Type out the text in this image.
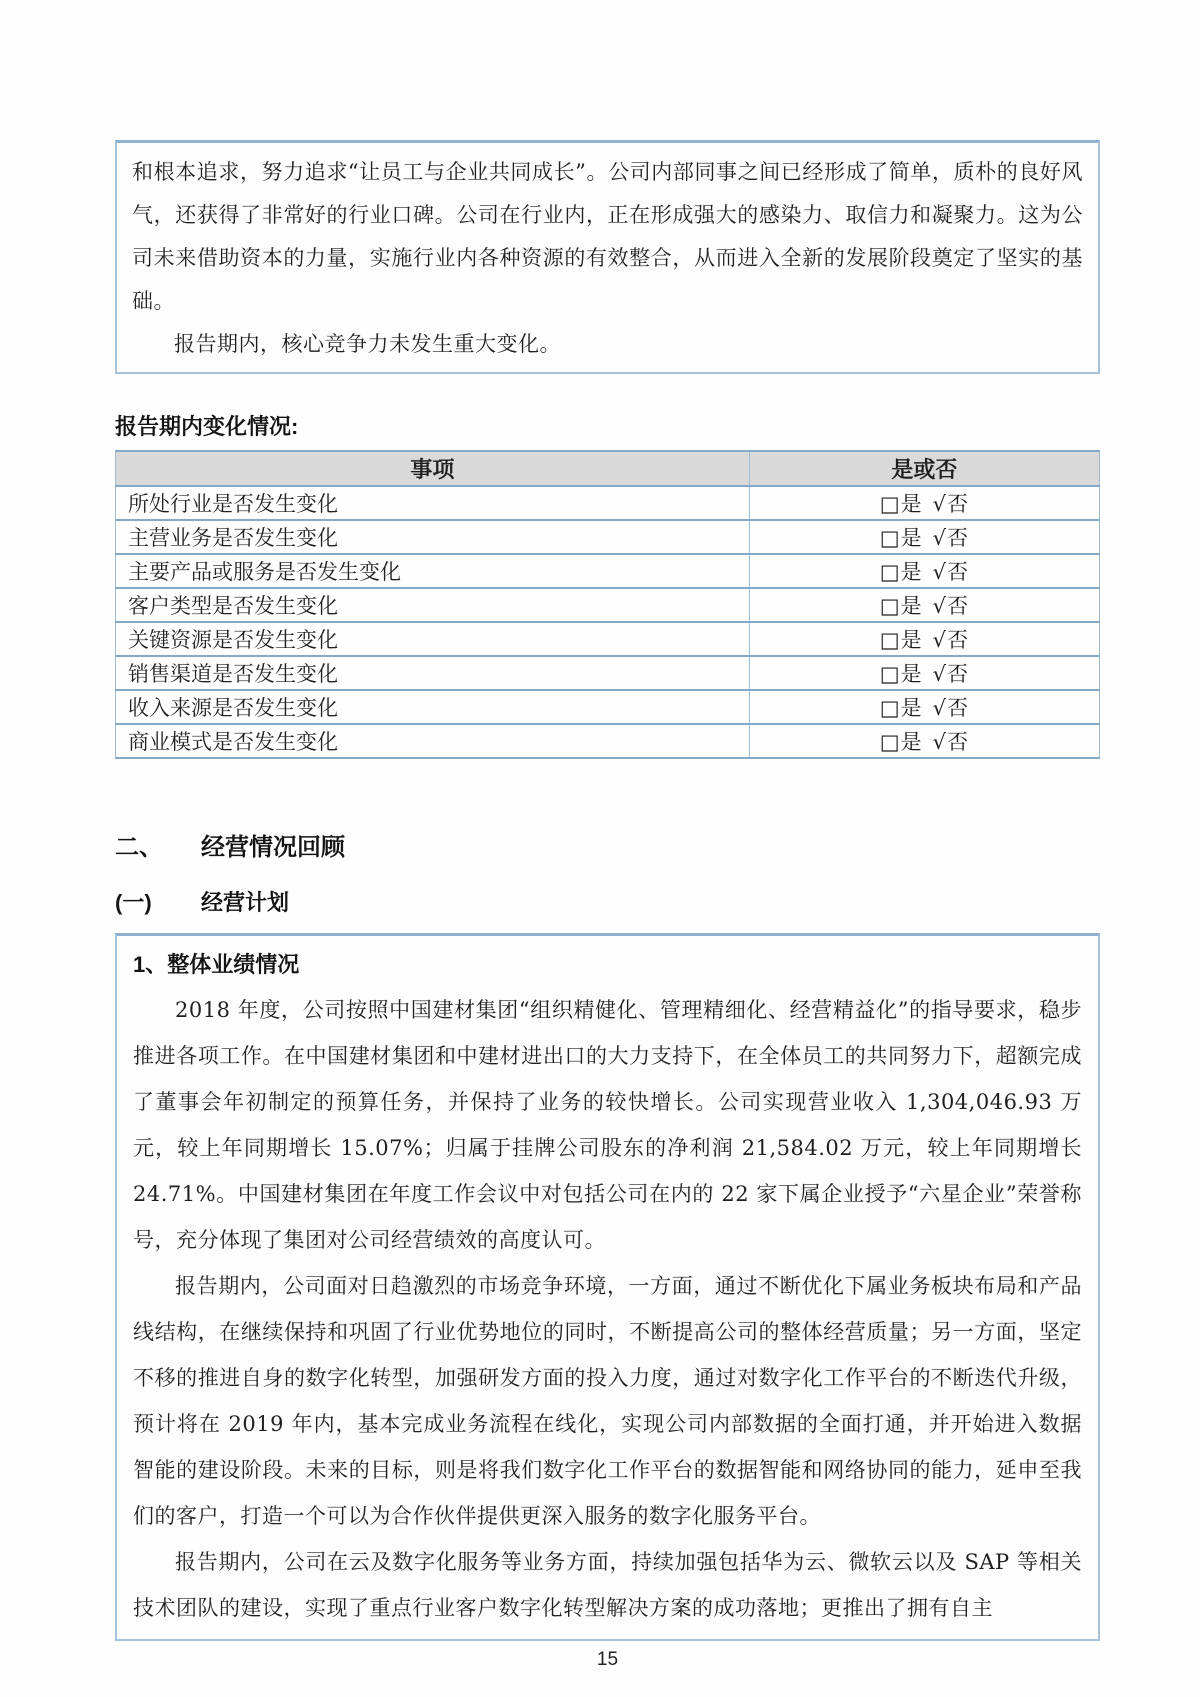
和根本追求，努力追求“让员工与企业共同成长”。公司内部同事之间已经形成了简单，质朴的良好风气，还获得了非常好的行业口碑。公司在行业内，正在形成强大的感染力、取信力和凝聚力。这为公司未来借助资本的力量，实施行业内各种资源的有效整合，从而进入全新的发展阶段奠定了坚实的基础。

报告期内，核心竞争力未发生重大变化。

报告期内变化情况:
事项	是或否
所处行业是否发生变化	□是 √否
主营业务是否发生变化	□是 √否
主要产品或服务是否发生变化	□是 √否
客户类型是否发生变化	□是 √否
关键资源是否发生变化	□是 √否
销售渠道是否发生变化	□是 √否
收入来源是否发生变化	□是 √否
商业模式是否发生变化	□是 √否
二、 经营情况回顾
(一) 经营计划
1、整体业绩情况

2018 年度，公司按照中国建材集团“组织精健化、管理精细化、经营精益化”的指导要求，稳步推进各项工作。在中国建材集团和中建材进出口的大力支持下，在全体员工的共同努力下，超额完成了董事会年初制定的预算任务，并保持了业务的较快增长。公司实现营业收入 1,304,046.93 万元，较上年同期增长 15.07%；归属于挂牌公司股东的净利润 21,584.02 万元，较上年同期增长 24.71%。中国建材集团在年度工作会议中对包括公司在内的 22 家下属企业授予“六星企业”荣誉称号，充分体现了集团对公司经营绩效的高度认可。

报告期内，公司面对日趋激烈的市场竞争环境，一方面，通过不断优化下属业务板块布局和产品线结构，在继续保持和巩固了行业优势地位的同时，不断提高公司的整体经营质量；另一方面，坚定不移的推进自身的数字化转型，加强研发方面的投入力度，通过对数字化工作平台的不断迭代升级，预计将在 2019 年内，基本完成业务流程在线化，实现公司内部数据的全面打通，并开始进入数据智能的建设阶段。未来的目标，则是将我们数字化工作平台的数据智能和网络协同的能力，延申至我们的客户，打造一个可以为合作伙伴提供更深入服务的数字化服务平台。

报告期内，公司在云及数字化服务等业务方面，持续加强包括华为云、微软云以及 SAP 等相关技术团队的建设，实现了重点行业客户数字化转型解决方案的成功落地；更推出了拥有自主

15
